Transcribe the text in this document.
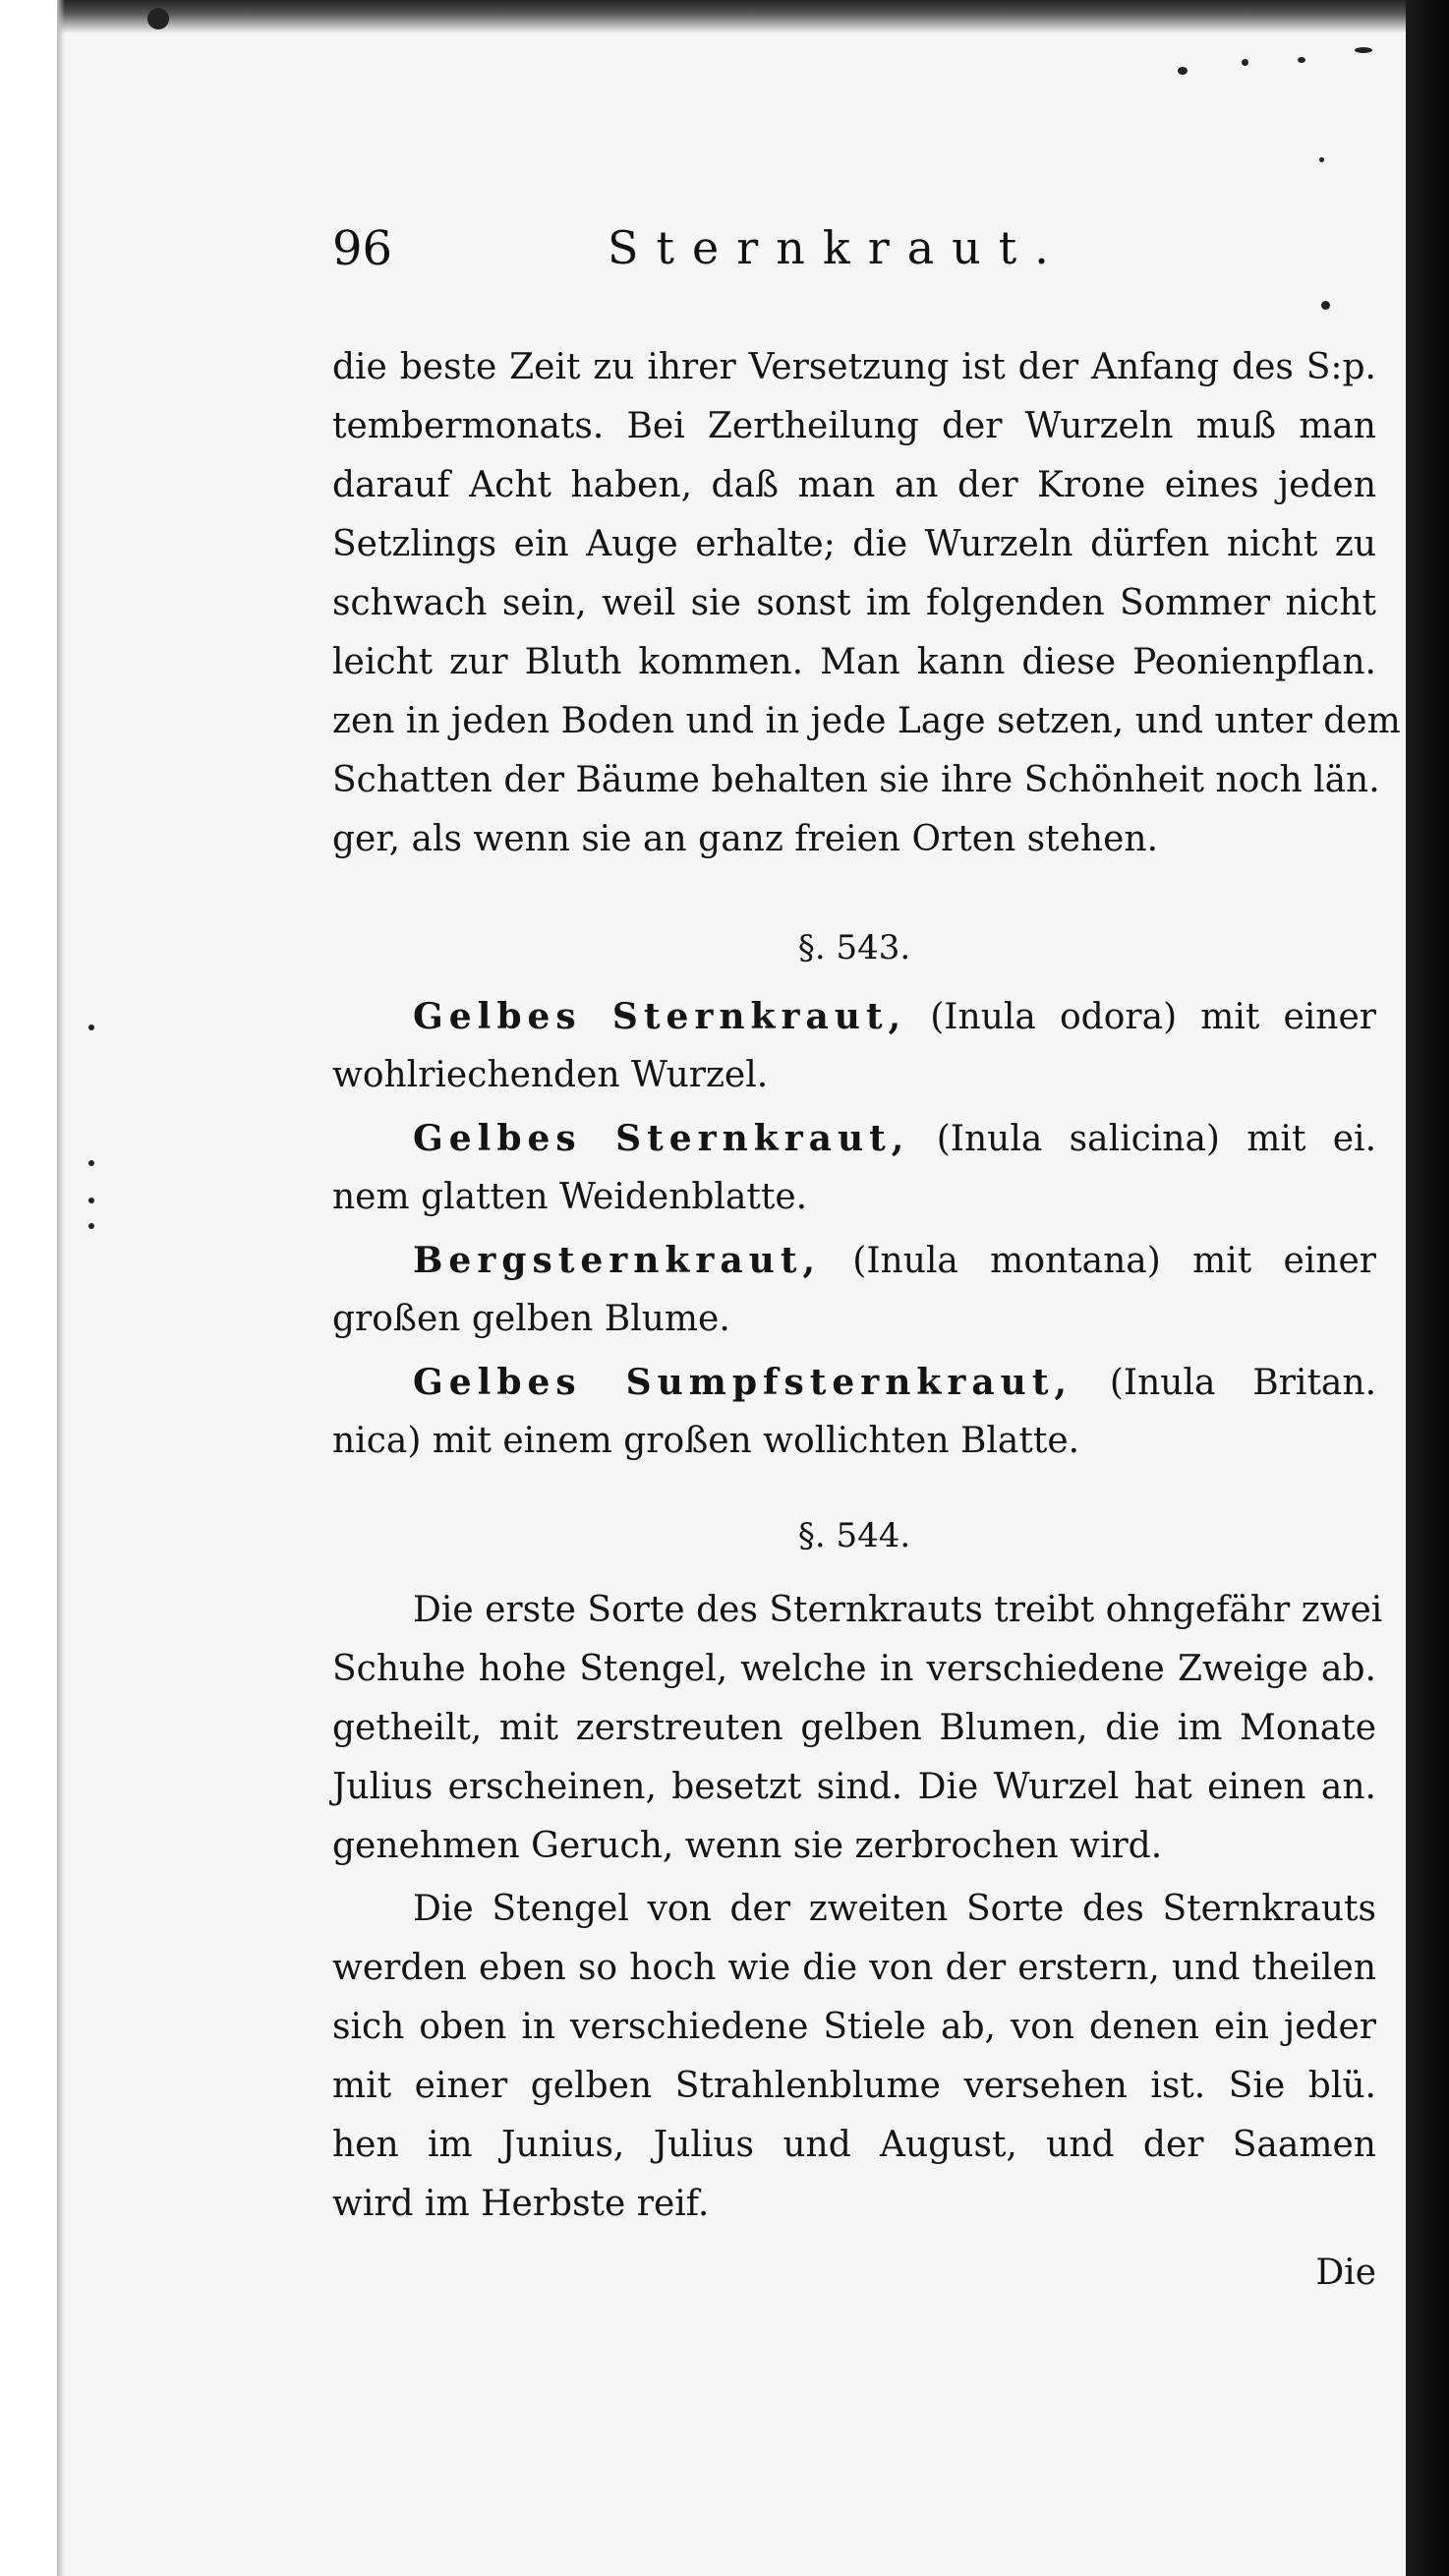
96	Sternkraut.
die beste Zeit zu ihrer Versetzung ist der Anfang des S:p.
tembermonats. Bei Zertheilung der Wurzeln muß man
darauf Acht haben, daß man an der Krone eines jeden
Setzlings ein Auge erhalte; die Wurzeln dürfen nicht zu
schwach sein, weil sie sonst im folgenden Sommer nicht
leicht zur Bluth kommen. Man kann diese Peonienpflan.
zen in jeden Boden und in jede Lage setzen, und unter dem
Schatten der Bäume behalten sie ihre Schönheit noch län.
ger, als wenn sie an ganz freien Orten stehen.
§. 543.
Gelbes Sternkraut, (Inula odora) mit einer
wohlriechenden Wurzel.
Gelbes Sternkraut, (Inula salicina) mit ei.
nem glatten Weidenblatte.
Bergsternkraut, (Inula montana) mit einer
großen gelben Blume.
Gelbes Sumpfsternkraut, (Inula Britan.
nica) mit einem großen wollichten Blatte.
§. 544.
Die erste Sorte des Sternkrauts treibt ohngefähr zwei
Schuhe hohe Stengel, welche in verschiedene Zweige ab.
getheilt, mit zerstreuten gelben Blumen, die im Monate
Julius erscheinen, besetzt sind. Die Wurzel hat einen an.
genehmen Geruch, wenn sie zerbrochen wird.
Die Stengel von der zweiten Sorte des Sternkrauts
werden eben so hoch wie die von der erstern, und theilen
sich oben in verschiedene Stiele ab, von denen ein jeder
mit einer gelben Strahlenblume versehen ist. Sie blü.
hen im Junius, Julius und August, und der Saamen
wird im Herbste reif.
Die
